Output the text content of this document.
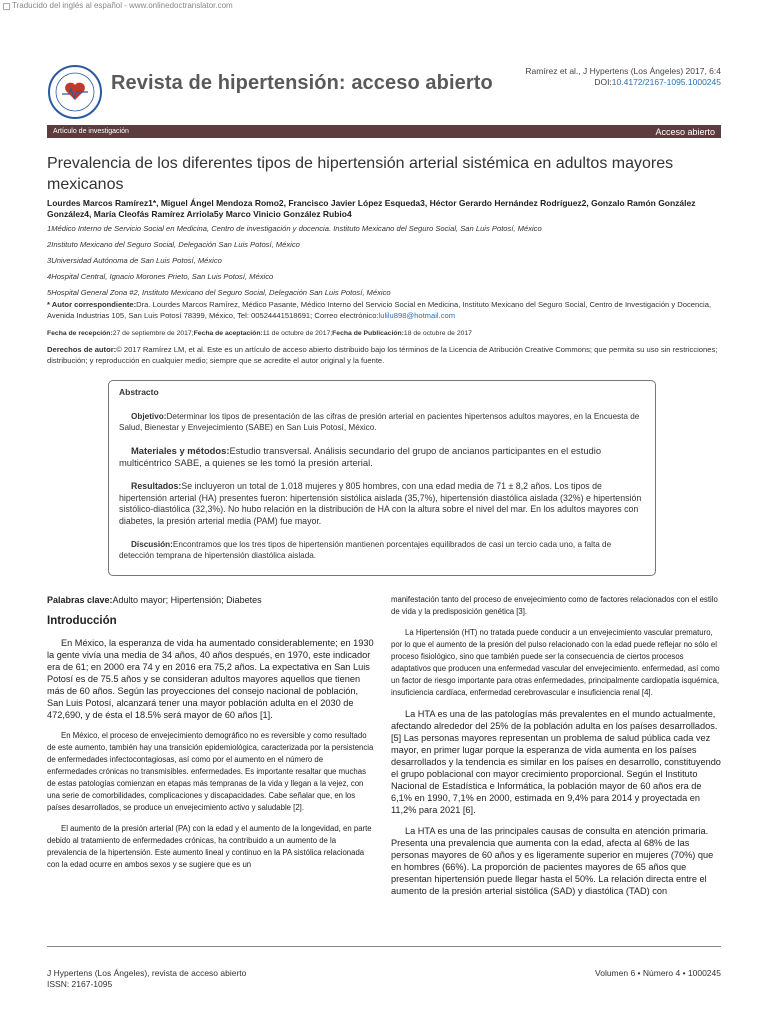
Traducido del inglés al español - www.onlinedoctranslator.com
Revista de hipertensión: acceso abierto
Ramírez et al., J Hypertens (Los Ángeles) 2017, 6:4
DOI:10.4172/2167-1095.1000245
Artículo de investigación	Acceso abierto
Prevalencia de los diferentes tipos de hipertensión arterial sistémica en adultos mayores mexicanos
Lourdes Marcos Ramírez1*, Miguel Ángel Mendoza Romo2, Francisco Javier López Esqueda3, Héctor Gerardo Hernández Rodríguez2, Gonzalo Ramón González González4, María Cleofás Ramírez Arriola5y Marco Vinicio González Rubio4
1Médico Interno de Servicio Social en Medicina, Centro de investigación y docencia. Instituto Mexicano del Seguro Social, San Luis Potosí, México
2Instituto Mexicano del Seguro Social, Delegación San Luis Potosí, México
3Universidad Autónoma de San Luis Potosí, México
4Hospital Central, Ignacio Morones Prieto, San Luis Potosí, México
5Hospital General Zona #2, Instituto Mexicano del Seguro Social, Delegación San Luis Potosí, México
* Autor correspondiente:Dra. Lourdes Marcos Ramírez, Médico Pasante, Médico Interno del Servicio Social en Medicina, Instituto Mexicano del Seguro Social, Centro de Investigación y Docencia, Avenida Industrias 105, San Luis Potosí 78399, México, Tel: 00524441518691; Correo electrónico:lulilu898@hotmail.com
Fecha de recepción:27 de septiembre de 2017;Fecha de aceptación:11 de octubre de 2017;Fecha de Publicación:18 de octubre de 2017
Derechos de autor:© 2017 Ramírez LM, et al. Este es un artículo de acceso abierto distribuido bajo los términos de la Licencia de Atribución Creative Commons; que permita su uso sin restricciones; distribución; y reproducción en cualquier medio; siempre que se acredite el autor original y la fuente.
Abstracto
Objetivo:Determinar los tipos de presentación de las cifras de presión arterial en pacientes hipertensos adultos mayores, en la Encuesta de Salud, Bienestar y Envejecimiento (SABE) en San Luis Potosí, México.
Materiales y métodos:Estudio transversal. Análisis secundario del grupo de ancianos participantes en el estudio multicéntrico SABE, a quienes se les tomó la presión arterial.
Resultados:Se incluyeron un total de 1.018 mujeres y 805 hombres, con una edad media de 71 ± 8,2 años. Los tipos de hipertensión arterial (HA) presentes fueron: hipertensión sistólica aislada (35,7%), hipertensión diastólica aislada (32%) e hipertensión sistólico-diastólica (32,3%). No hubo relación en la distribución de HA con la altura sobre el nivel del mar. En los adultos mayores con diabetes, la presión arterial media (PAM) fue mayor.
Discusión:Encontramos que los tres tipos de hipertensión mantienen porcentajes equilibrados de casi un tercio cada uno, a falta de detección temprana de hipertensión diastólica aislada.
Palabras clave:Adulto mayor; Hipertensión; Diabetes
Introducción

En México, la esperanza de vida ha aumentado considerablemente; en 1930 la gente vivía una media de 34 años, 40 años después, en 1970, este indicador era de 61; en 2000 era 74 y en 2016 era 75,2 años. La expectativa en San Luis Potosí es de 75.5 años y se consideran adultos mayores aquellos que tienen más de 60 años. Según las proyecciones del consejo nacional de población, San Luis Potosí, alcanzará tener una mayor población adulta en el 2030 de 472,690, y de ésta el 18.5% será mayor de 60 años [1].

En México, el proceso de envejecimiento demográfico no es reversible y como resultado de este aumento, también hay una transición epidemiológica, caracterizada por la persistencia de enfermedades infectocontagiosas, así como por el aumento en el número de enfermedades crónicas no transmisibles. enfermedades. Es importante resaltar que muchas de estas patologías comienzan en etapas más tempranas de la vida y llegan a la vejez, con una serie de comorbilidades, complicaciones y discapacidades. Cabe señalar que, en los países desarrollados, se produce un envejecimiento activo y saludable [2].

El aumento de la presión arterial (PA) con la edad y el aumento de la longevidad, en parte debido al tratamiento de enfermedades crónicas, ha contribuido a un aumento de la prevalencia de la hipertensión. Este aumento lineal y continuo en la PA sistólica relacionada con la edad ocurre en ambos sexos y se sugiere que es un

manifestación tanto del proceso de envejecimiento como de factores relacionados con el estilo de vida y la predisposición genética [3].

La Hipertensión (HT) no tratada puede conducir a un envejecimiento vascular prematuro, por lo que el aumento de la presión del pulso relacionado con la edad puede reflejar no sólo el proceso fisiológico, sino que también puede ser la consecuencia de ciertos procesos adaptativos que producen una enfermedad vascular del envejecimiento. enfermedad, así como un factor de riesgo importante para otras enfermedades, principalmente cardiopatía isquémica, insuficiencia cardíaca, enfermedad cerebrovascular e insuficiencia renal [4].

La HTA es una de las patologías más prevalentes en el mundo actualmente, afectando alrededor del 25% de la población adulta en los países desarrollados. [5] Las personas mayores representan un problema de salud pública cada vez mayor, en primer lugar porque la esperanza de vida aumenta en los países desarrollados y la tendencia es similar en los países en desarrollo, constituyendo el grupo poblacional con mayor crecimiento proporcional. Según el Instituto Nacional de Estadística e Informática, la población mayor de 60 años era de 6,1% en 1990, 7,1% en 2000, estimada en 9,4% para 2014 y proyectada en 11,2% para 2021 [6].

La HTA es una de las principales causas de consulta en atención primaria. Presenta una prevalencia que aumenta con la edad, afecta al 68% de las personas mayores de 60 años y es ligeramente superior en mujeres (70%) que en hombres (66%). La proporción de pacientes mayores de 65 años que presentan hipertensión puede llegar hasta el 50%. La relación directa entre el aumento de la presión arterial sistólica (SAD) y diastólica (TAD) con

J Hypertens (Los Ángeles), revista de acceso abierto
ISSN: 2167-1095
Volumen 6 • Número 4 • 1000245
